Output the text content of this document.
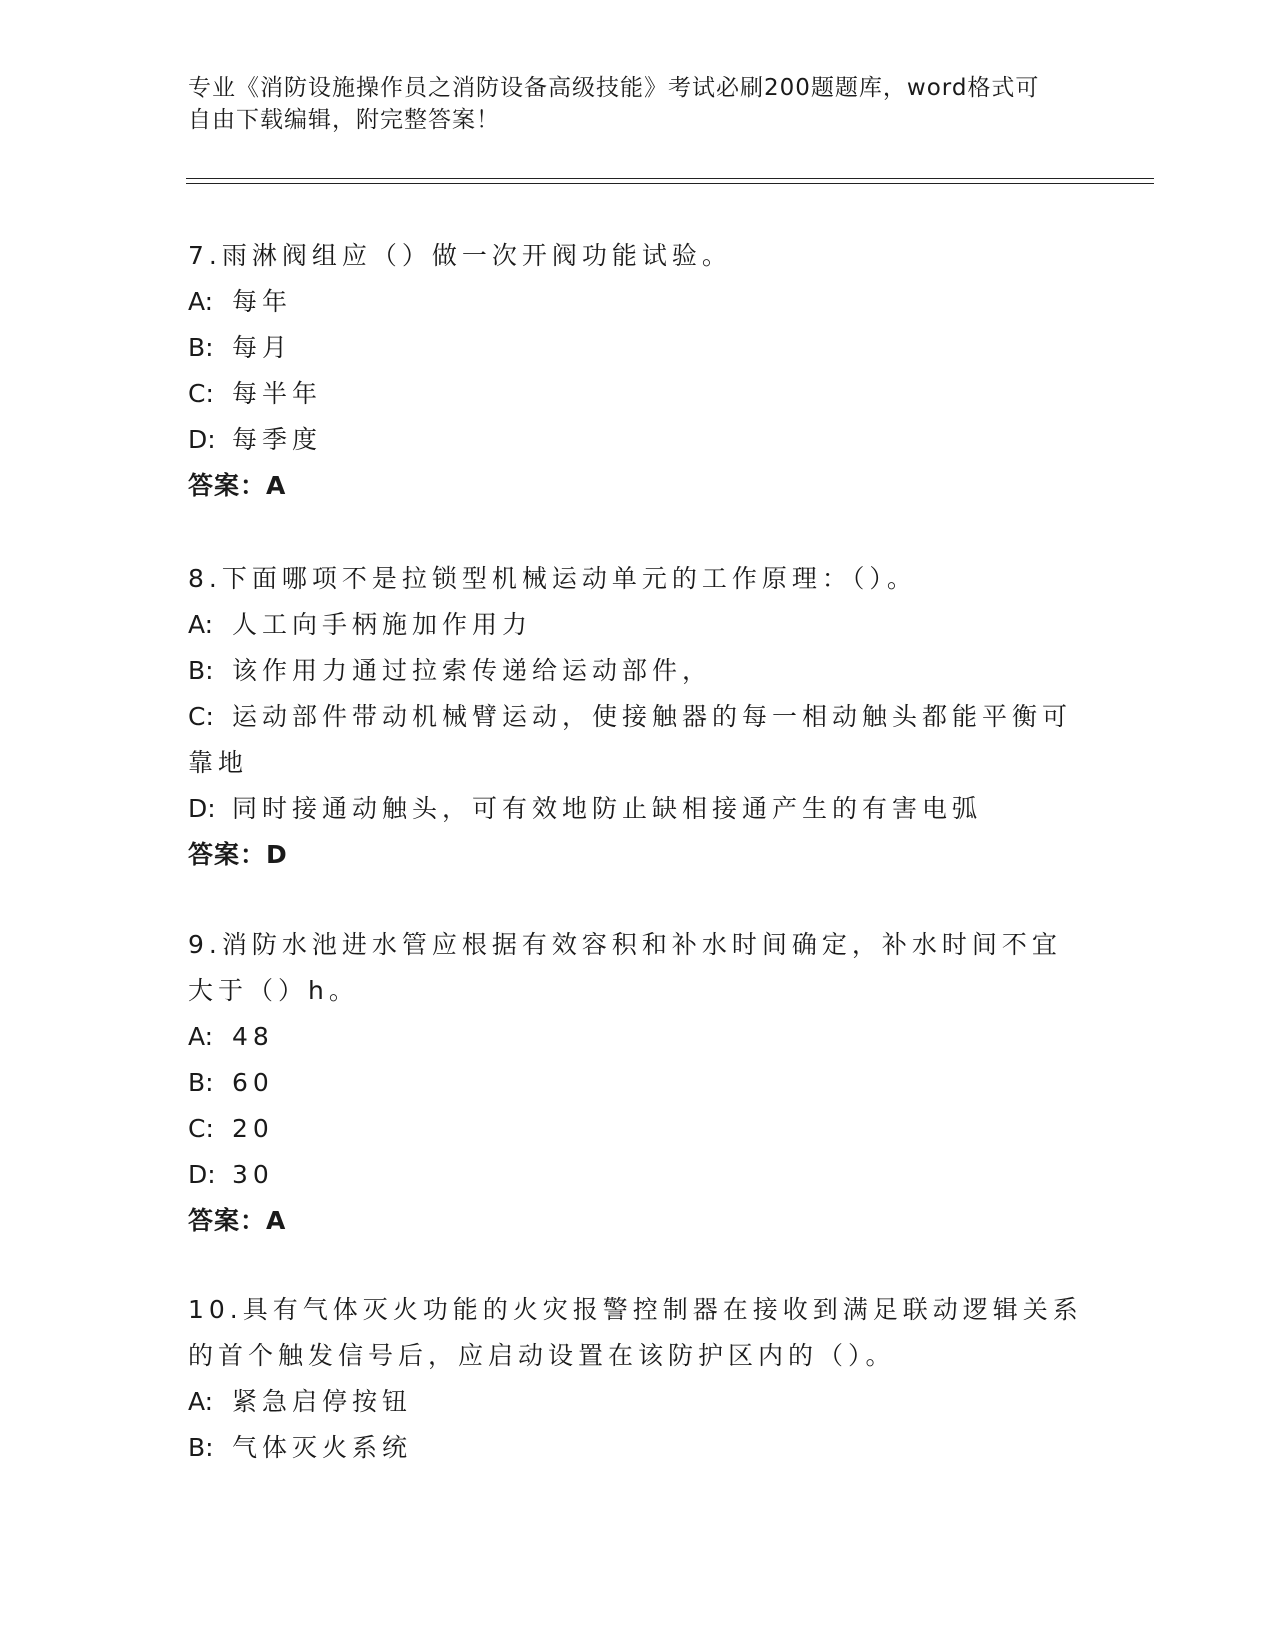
专业《消防设施操作员之消防设备高级技能》考试必刷200题题库，word格式可
自由下载编辑，附完整答案！
7.雨淋阀组应（）做一次开阀功能试验。
A: 每年
B: 每月
C: 每半年
D: 每季度
答案：A
8.下面哪项不是拉锁型机械运动单元的工作原理：（）。
A: 人工向手柄施加作用力
B: 该作用力通过拉索传递给运动部件，
C: 运动部件带动机械臂运动，使接触器的每一相动触头都能平衡可靠地
D: 同时接通动触头，可有效地防止缺相接通产生的有害电弧
答案：D
9.消防水池进水管应根据有效容积和补水时间确定，补水时间不宜大于（）h。
A: 48
B: 60
C: 20
D: 30
答案：A
10.具有气体灭火功能的火灾报警控制器在接收到满足联动逻辑关系的首个触发信号后，应启动设置在该防护区内的（）。
A: 紧急启停按钮
B: 气体灭火系统
